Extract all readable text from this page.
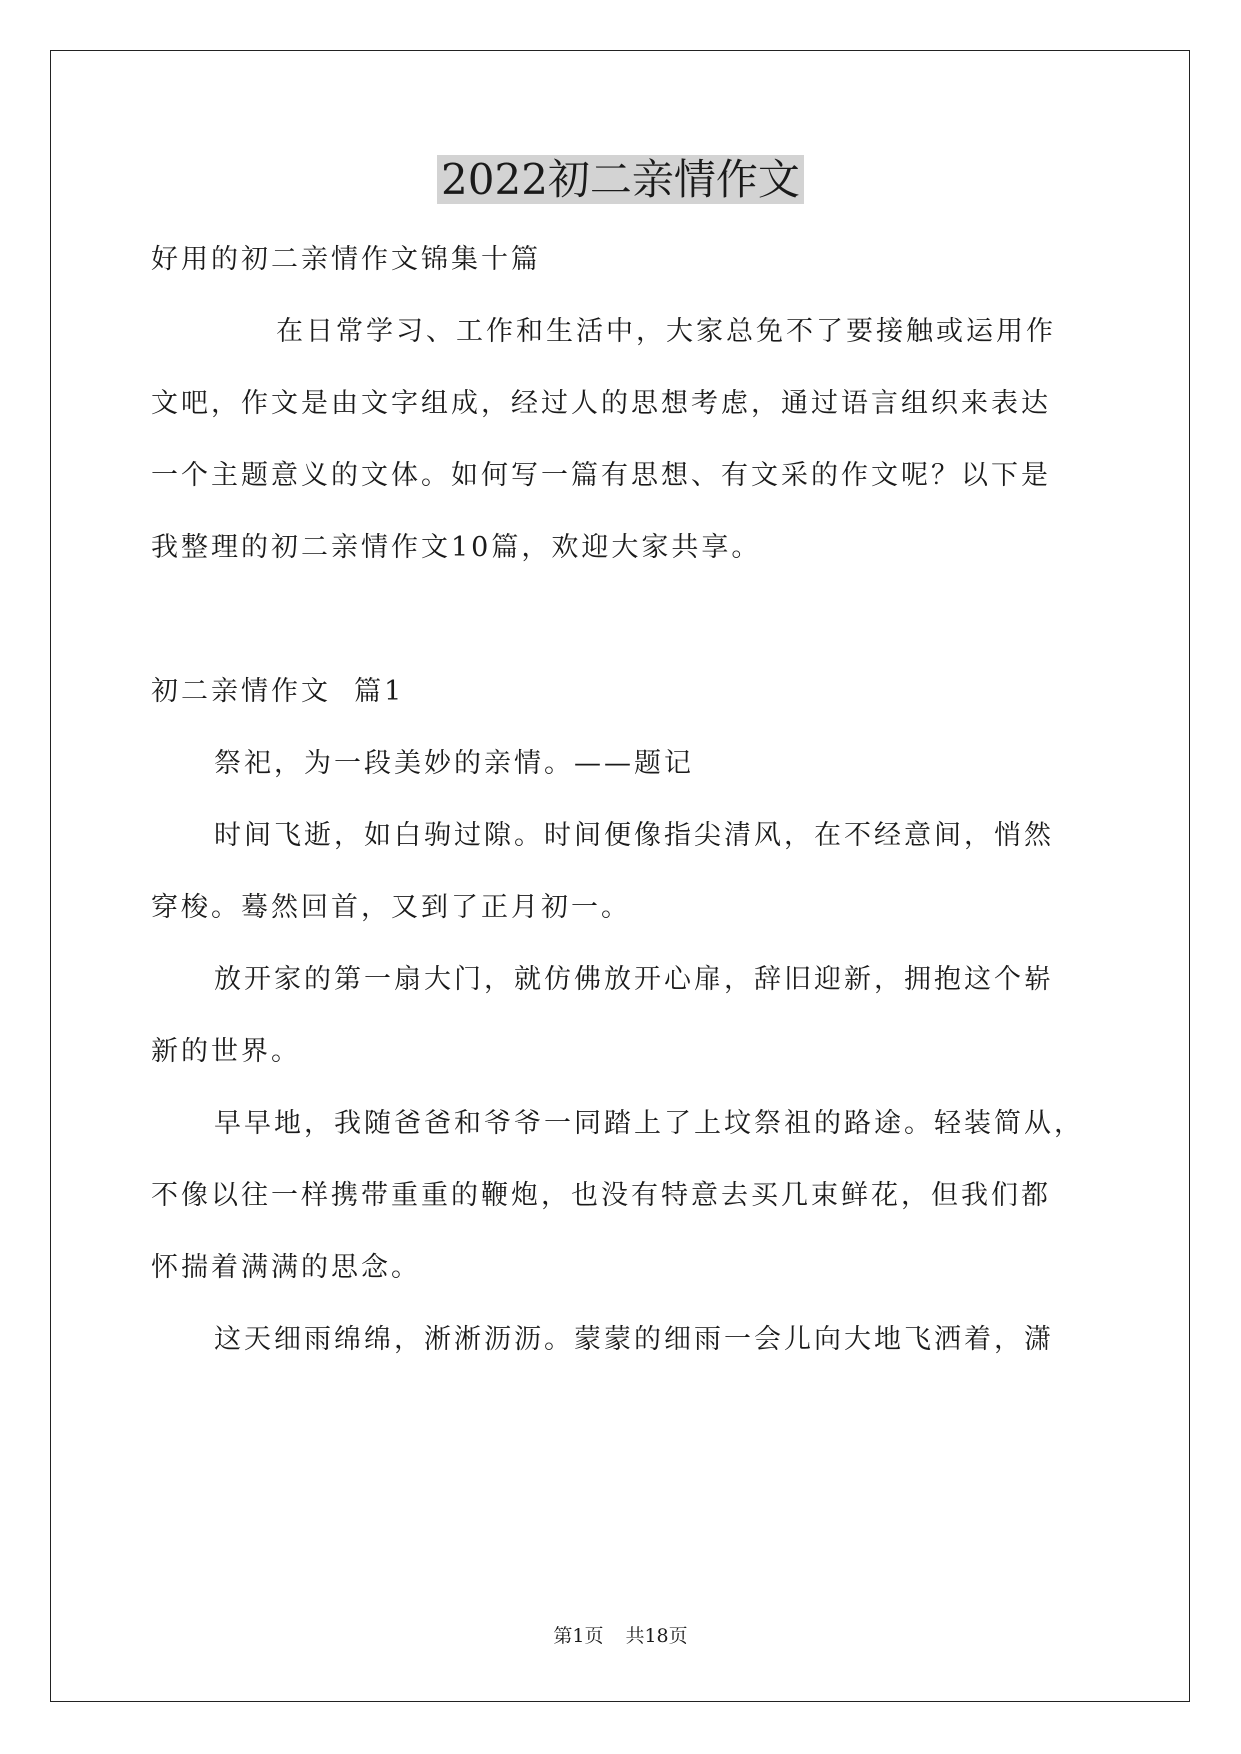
2022初二亲情作文

好用的初二亲情作文锦集十篇

在日常学习、工作和生活中，大家总免不了要接触或运用作

文吧，作文是由文字组成，经过人的思想考虑，通过语言组织来表达

一个主题意义的文体。如何写一篇有思想、有文采的作文呢？以下是

我整理的初二亲情作文10篇，欢迎大家共享。

初二亲情作文  篇1

祭祀，为一段美妙的亲情。——题记

时间飞逝，如白驹过隙。时间便像指尖清风，在不经意间，悄然

穿梭。蓦然回首，又到了正月初一。

放开家的第一扇大门，就仿佛放开心扉，辞旧迎新，拥抱这个崭

新的世界。

早早地，我随爸爸和爷爷一同踏上了上坟祭祖的路途。轻装简从，

不像以往一样携带重重的鞭炮，也没有特意去买几束鲜花，但我们都

怀揣着满满的思念。

这天细雨绵绵，淅淅沥沥。蒙蒙的细雨一会儿向大地飞洒着，潇

第1页 共18页
